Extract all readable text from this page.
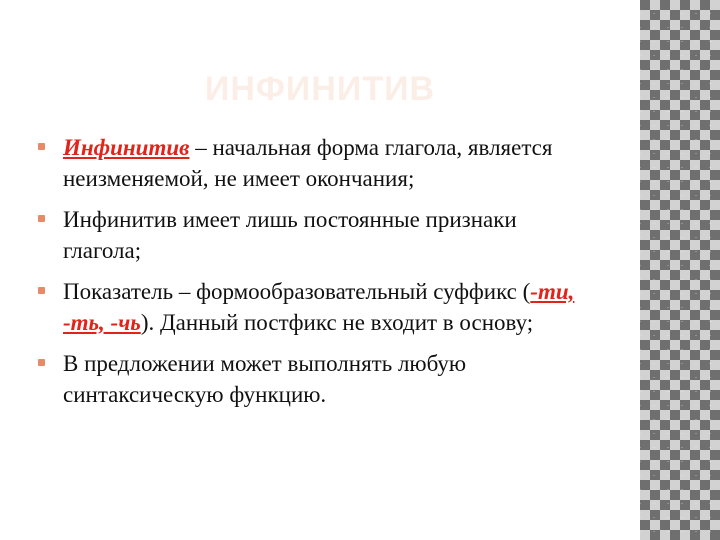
ИНФИНИТИВ
Инфинитив – начальная форма глагола, является неизменяемой, не имеет окончания;
Инфинитив имеет лишь постоянные признаки глагола;
Показатель – формообразовательный суффикс (-ти, -ть, -чь). Данный постфикс не входит в основу;
В предложении может выполнять любую синтаксическую функцию.
